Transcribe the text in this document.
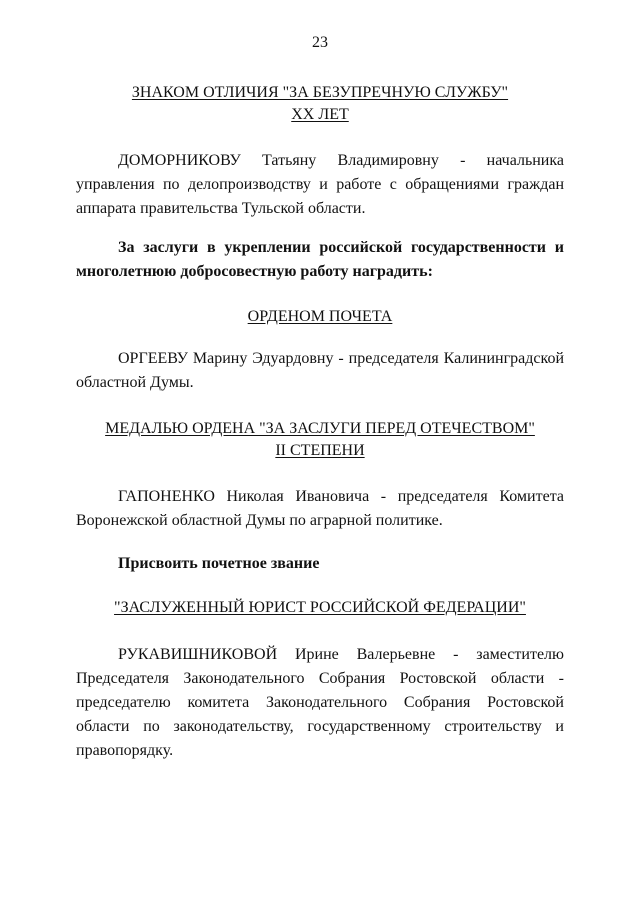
23
ЗНАКОМ ОТЛИЧИЯ "ЗА БЕЗУПРЕЧНУЮ СЛУЖБУ"
XX ЛЕТ
ДОМОРНИКОВУ Татьяну Владимировну - начальника управления по делопроизводству и работе с обращениями граждан аппарата правительства Тульской области.
За заслуги в укреплении российской государственности и многолетнюю добросовестную работу наградить:
ОРДЕНОМ ПОЧЕТА
ОРГЕЕВУ Марину Эдуардовну - председателя Калининградской областной Думы.
МЕДАЛЬЮ ОРДЕНА "ЗА ЗАСЛУГИ ПЕРЕД ОТЕЧЕСТВОМ"
II СТЕПЕНИ
ГАПОНЕНКО Николая Ивановича - председателя Комитета Воронежской областной Думы по аграрной политике.
Присвоить почетное звание
"ЗАСЛУЖЕННЫЙ ЮРИСТ РОССИЙСКОЙ ФЕДЕРАЦИИ"
РУКАВИШНИКОВОЙ Ирине Валерьевне - заместителю Председателя Законодательного Собрания Ростовской области - председателю комитета Законодательного Собрания Ростовской области по законодательству, государственному строительству и правопорядку.
